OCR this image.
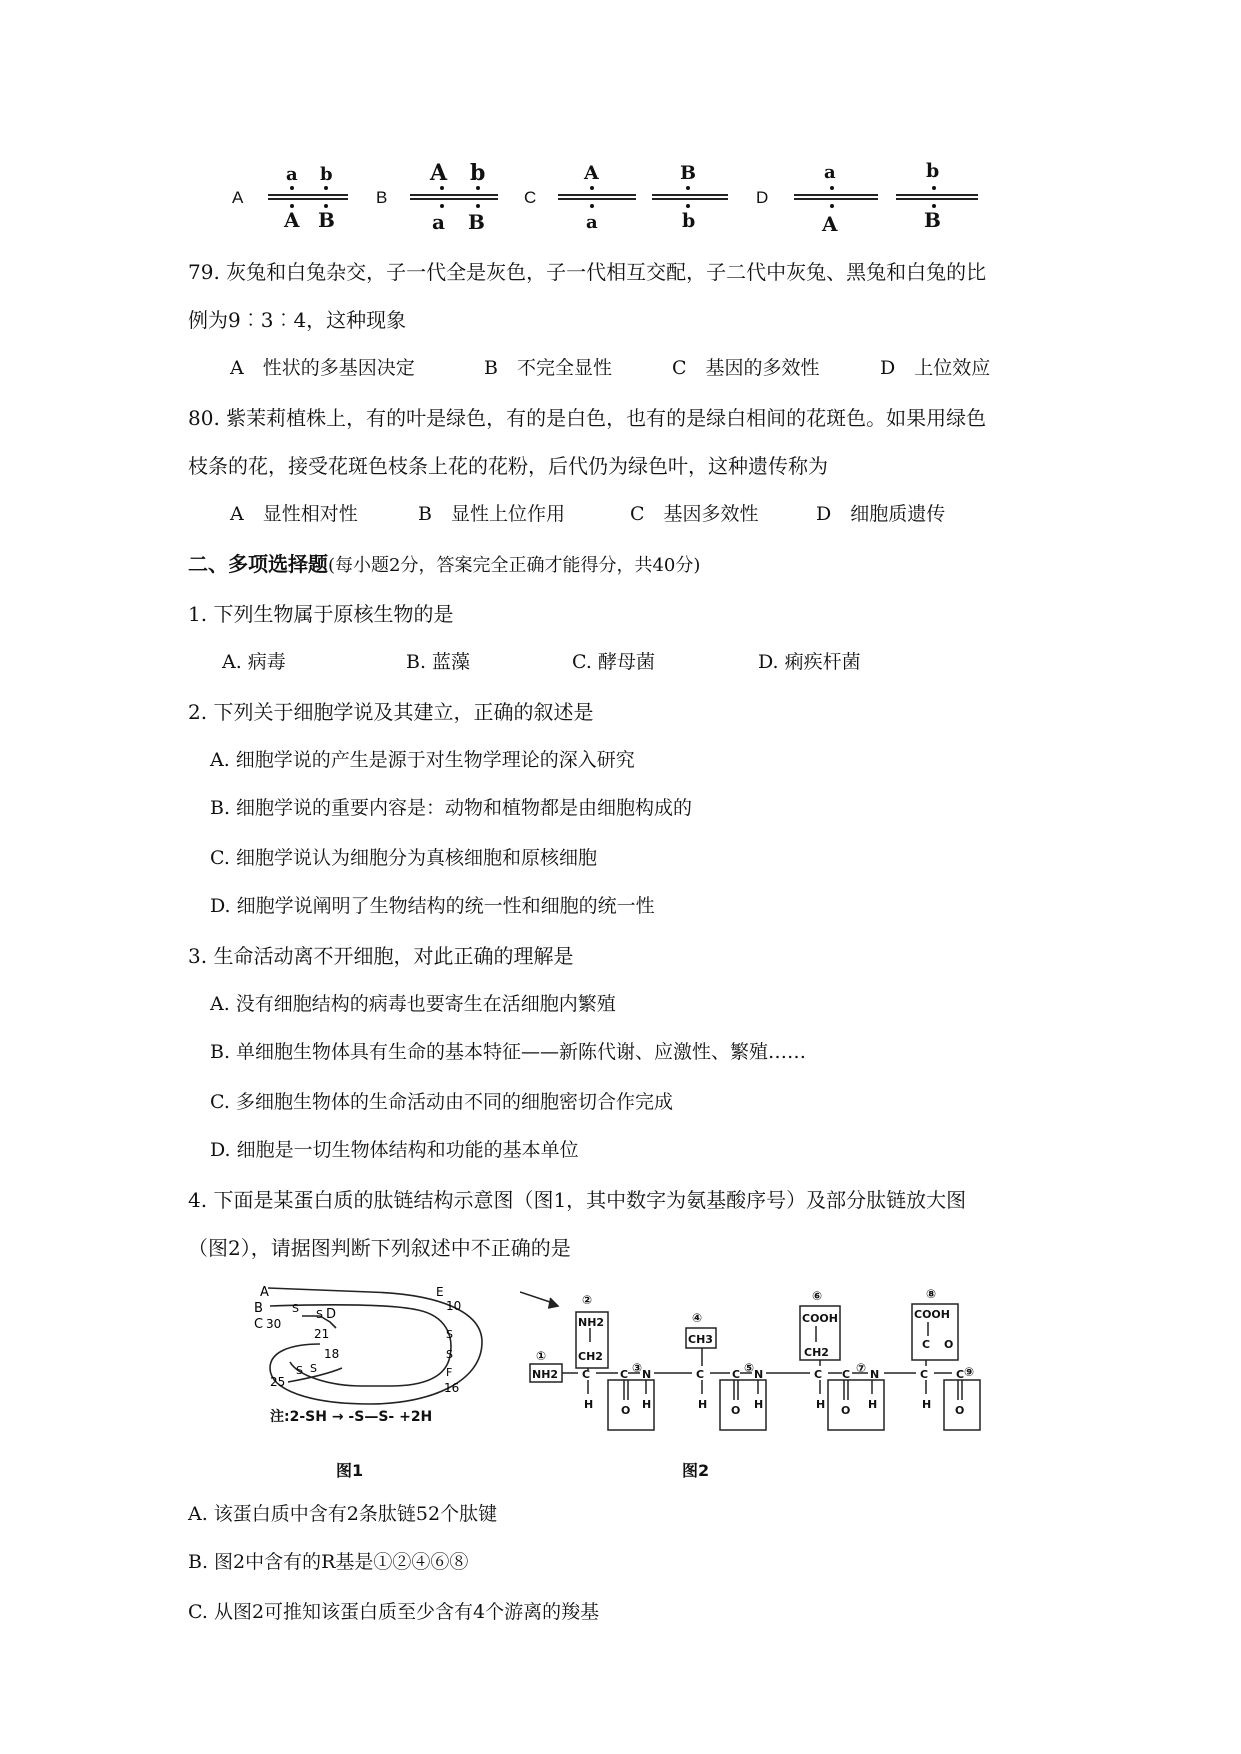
A
a b
A B
B
A b
a B
C
A	B
a	b
D
a	b
A	B
79. 灰兔和白兔杂交，子一代全是灰色，子一代相互交配，子二代中灰兔、黑兔和白兔的比
例为9︰3︰4，这种现象
A　性状的多基因决定	B　不完全显性	C　基因的多效性	D　上位效应
80. 紫茉莉植株上，有的叶是绿色，有的是白色，也有的是绿白相间的花斑色。如果用绿色
枝条的花，接受花斑色枝条上花的花粉，后代仍为绿色叶，这种遗传称为
A　显性相对性	B　显性上位作用	C　基因多效性	D　细胞质遗传
二、多项选择题(每小题2分，答案完全正确才能得分，共40分)
1. 下列生物属于原核生物的是
A. 病毒	B. 蓝藻	C. 酵母菌	D. 痢疾杆菌
2. 下列关于细胞学说及其建立，正确的叙述是
A. 细胞学说的产生是源于对生物学理论的深入研究
B. 细胞学说的重要内容是：动物和植物都是由细胞构成的
C. 细胞学说认为细胞分为真核细胞和原核细胞
D. 细胞学说阐明了生物结构的统一性和细胞的统一性
3. 生命活动离不开细胞，对此正确的理解是
A. 没有细胞结构的病毒也要寄生在活细胞内繁殖
B. 单细胞生物体具有生命的基本特征——新陈代谢、应激性、繁殖……
C. 多细胞生物体的生命活动由不同的细胞密切合作完成
D. 细胞是一切生物体结构和功能的基本单位
4. 下面是某蛋白质的肽链结构示意图（图1，其中数字为氨基酸序号）及部分肽链放大图
（图2），请据图判断下列叙述中不正确的是
A
B
C 30
S S D
21
18
25
S S
E
10
S
S
F
16
注:2-SH → -S—S- +2H
图1
①
②
③
④
⑤
⑥
⑦
⑧
⑨
NH2
NH2
CH2
CH3
COOH
CH2
COOH
C O
C	C N	C	C N	C C N	C	C
H	O H	H O H	H O H	H O
图2
A. 该蛋白质中含有2条肽链52个肽键
B. 图2中含有的R基是①②④⑥⑧
C. 从图2可推知该蛋白质至少含有4个游离的羧基
